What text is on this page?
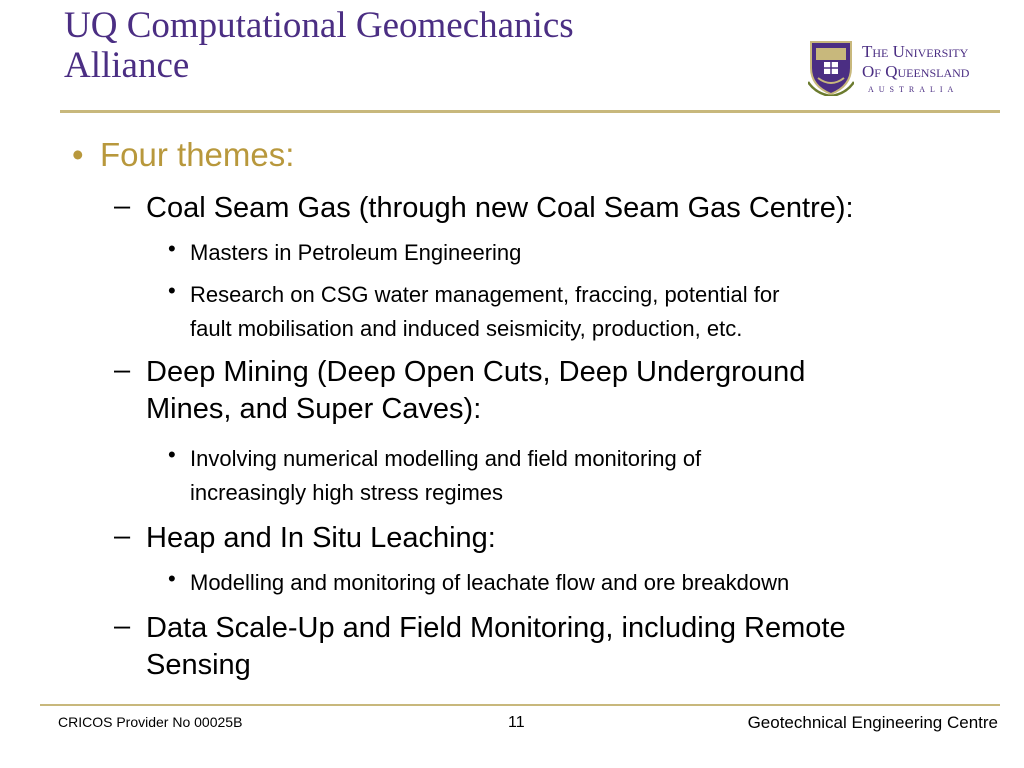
UQ Computational Geomechanics
Alliance	The University
Of Queensland
AUSTRALIA
• Four themes:
– Coal Seam Gas (through new Coal Seam Gas Centre):
• Masters in Petroleum Engineering
• Research on CSG water management, fraccing, potential for
fault mobilisation and induced seismicity, production, etc.
– Deep Mining (Deep Open Cuts, Deep Underground
Mines, and Super Caves):
• Involving numerical modelling and field monitoring of
increasingly high stress regimes
– Heap and In Situ Leaching:
• Modelling and monitoring of leachate flow and ore breakdown
– Data Scale-Up and Field Monitoring, including Remote
Sensing
CRICOS Provider No 00025B	11	Geotechnical Engineering Centre
